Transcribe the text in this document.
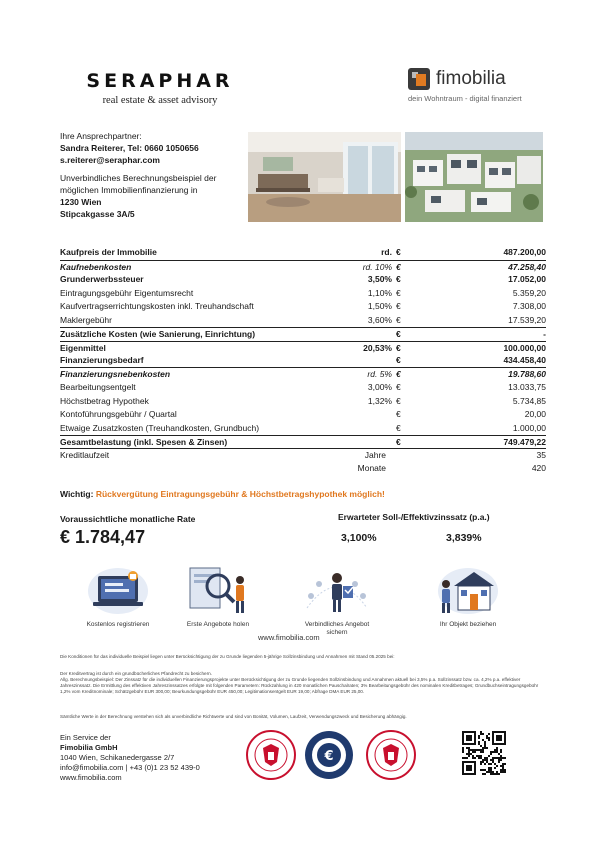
SERAPHAR
real estate & asset advisory
fimobilia
dein Wohntraum - digital finanziert
Ihre Ansprechpartner:
Sandra Reiterer, Tel: 0660 1050656
s.reiterer@seraphar.com
Unverbindliches Berechnungsbeispiel der
möglichen Immobilienfinanzierung in
1230 Wien
Stipcakgasse 3A/5
Kaufpreis der Immobilie	rd. €	487.200,00
Kaufnebenkosten	rd. 10% €	47.258,40
Grunderwerbssteuer	3,50% €	17.052,00
Eintragungsgebühr Eigentumsrecht	1,10% €	5.359,20
Kaufvertragserrichtungskosten inkl. Treuhandschaft	1,50% €	7.308,00
Maklergebühr	3,60% €	17.539,20
Zusätzliche Kosten (wie Sanierung, Einrichtung)	€	-
Eigenmittel	20,53% €	100.000,00
Finanzierungsbedarf	€	434.458,40
Finanzierungsnebenkosten	rd. 5% €	19.788,60
Bearbeitungsentgelt	3,00% €	13.033,75
Höchstbetrag Hypothek	1,32% €	5.734,85
Kontoführungsgebühr / Quartal	€	20,00
Etwaige Zusatzkosten (Treuhandkosten, Grundbuch)	€	1.000,00
Gesamtbelastung (inkl. Spesen & Zinsen)	€	749.479,22
Kreditlaufzeit	Jahre	35
Monate	420
Wichtig: Rückvergütung Eintragungsgebühr & Höchstbetragshypothek möglich!
Voraussichtliche monatliche Rate
€ 1.784,47
Erwarteter Soll-/Effektivzinssatz (p.a.)
3,100%	3,839%
Kostenlos registrieren	Erste Angebote holen	Verbindliches Angebot sichern
Ihr Objekt beziehen
www.fimobilia.com
Die Konditionen für das individuelle Beispiel liegen unter Berücksichtigung der zu Grunde liegenden 5-jährige Sollzinsbindung und Annahmen mit Stand 05.2025 bei:
Der Kreditvertrag ist durch ein grundbücherliches Pfandrecht zu besichern.
Allg. Berechnungsbeispiel: Der Zinssatz für die individuellen Finanzierungsprojekte unter Berücksichtigung der zu Grunde liegenden Sollzinsbindung und Annahmen aktuell bei 3,5% p.a. Sollzinssatz bzw. ca. 4,2% p.a. effektiver Jahreszinssatz. Die Ermittlung des effektiven Jahreszinssatzes erfolgte mit folgenden Parametern: Rückzahlung in 420 monatlichen Pauschalraten; 3% Bearbeitungsgebühr des nominalen Kreditbetrages; Grundbuchseintragungsgebühr 1,2% vom Kreditnominale; Schätzgebühr EUR 300,00; Beurkundungsgebühr EUR 450,00; Legitimationsentgelt EUR 19,00; Abfrage DMA EUR 25,00.
Sämtliche Werte in der Berechnung verstehen sich als unverbindliche Richtwerte und sind von Bonität, Volumen, Laufzeit, Verwendungszweck und Besicherung abhängig.
Ein Service der
Fimobilia GmbH
1040 Wien, Schikanedergasse 2/7
info@fimobilia.com | +43 (0)1 23 52 439-0
www.fimobilia.com
€
